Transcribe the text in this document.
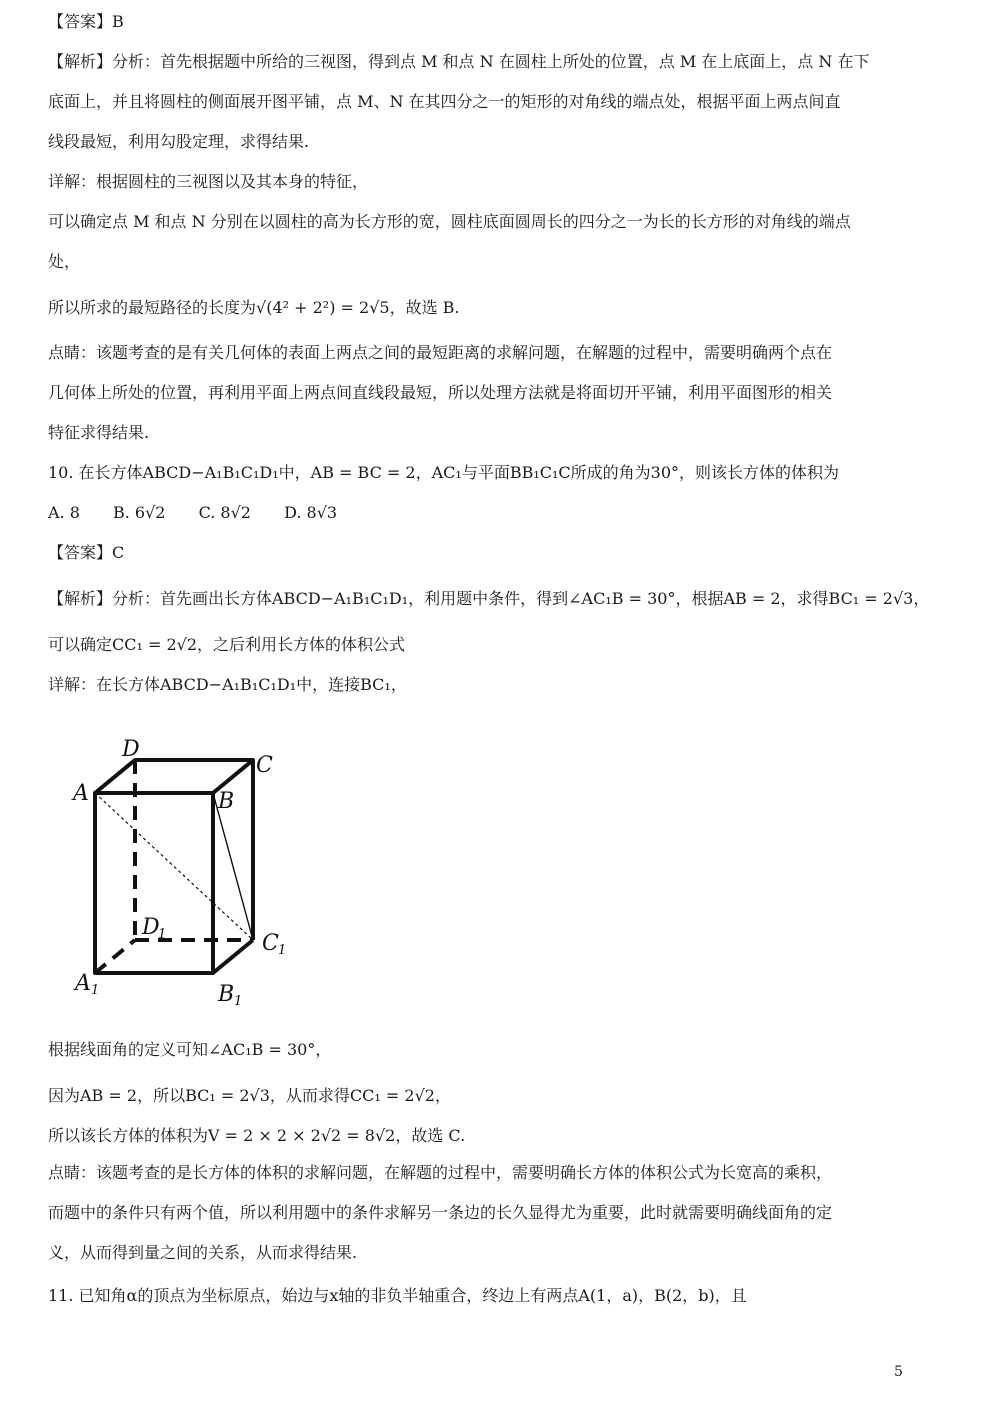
【答案】B
【解析】分析：首先根据题中所给的三视图，得到点 M 和点 N 在圆柱上所处的位置，点 M 在上底面上，点 N 在下
底面上，并且将圆柱的侧面展开图平铺，点 M、N 在其四分之一的矩形的对角线的端点处，根据平面上两点间直
线段最短，利用勾股定理，求得结果.
详解：根据圆柱的三视图以及其本身的特征，
可以确定点 M 和点 N 分别在以圆柱的高为长方形的宽，圆柱底面圆周长的四分之一为长的长方形的对角线的端点
处，
所以所求的最短路径的长度为√(4² + 2²) = 2√5，故选 B.
点睛：该题考查的是有关几何体的表面上两点之间的最短距离的求解问题，在解题的过程中，需要明确两个点在
几何体上所处的位置，再利用平面上两点间直线段最短，所以处理方法就是将面切开平铺，利用平面图形的相关
特征求得结果.
10. 在长方体ABCD−A₁B₁C₁D₁中，AB = BC = 2，AC₁与平面BB₁C₁C所成的角为30°，则该长方体的体积为
A. 8 B. 6√2 C. 8√2 D. 8√3
【答案】C
【解析】分析：首先画出长方体ABCD−A₁B₁C₁D₁，利用题中条件，得到∠AC₁B = 30°，根据AB = 2，求得BC₁ = 2√3，
可以确定CC₁ = 2√2，之后利用长方体的体积公式
详解：在长方体ABCD−A₁B₁C₁D₁中，连接BC₁，
D
C
A	B
D
1	C 1
A 1	B 1
根据线面角的定义可知∠AC₁B = 30°，
因为AB = 2，所以BC₁ = 2√3，从而求得CC₁ = 2√2，
所以该长方体的体积为V = 2 × 2 × 2√2 = 8√2，故选 C.
点睛：该题考查的是长方体的体积的求解问题，在解题的过程中，需要明确长方体的体积公式为长宽高的乘积，
而题中的条件只有两个值，所以利用题中的条件求解另一条边的长久显得尤为重要，此时就需要明确线面角的定
义，从而得到量之间的关系，从而求得结果.
11. 已知角α的顶点为坐标原点，始边与x轴的非负半轴重合，终边上有两点A(1，a)，B(2，b)，且
5
